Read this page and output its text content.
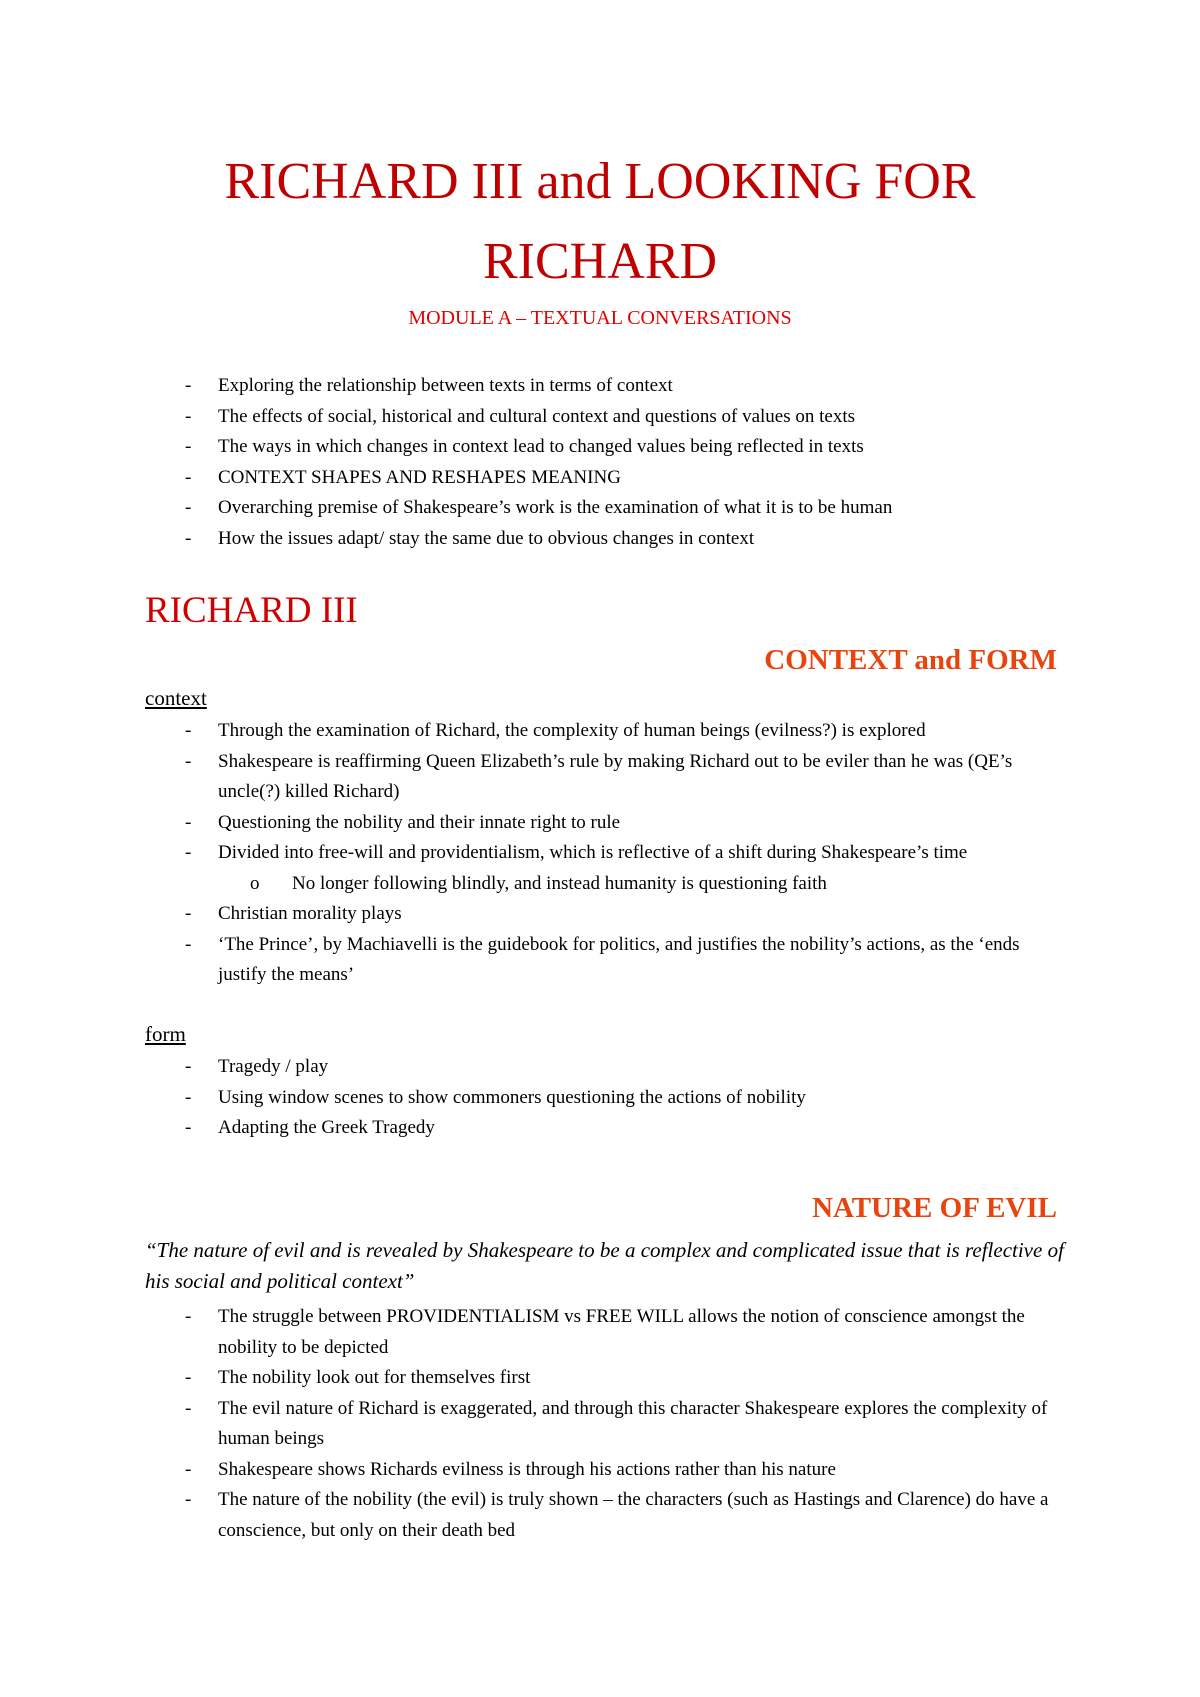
RICHARD III and LOOKING FOR
RICHARD

MODULE A – TEXTUAL CONVERSATIONS

- Exploring the relationship between texts in terms of context
- The effects of social, historical and cultural context and questions of values on texts
- The ways in which changes in context lead to changed values being reflected in texts
- CONTEXT SHAPES AND RESHAPES MEANING
- Overarching premise of Shakespeare’s work is the examination of what it is to be human
- How the issues adapt/ stay the same due to obvious changes in context
RICHARD III
CONTEXT and FORM

context

- Through the examination of Richard, the complexity of human beings (evilness?) is explored
- Shakespeare is reaffirming Queen Elizabeth’s rule by making Richard out to be eviler than he was (QE’s uncle(?) killed Richard)
- Questioning the nobility and their innate right to rule
- Divided into free-will and providentialism, which is reflective of a shift during Shakespeare’s time
o No longer following blindly, and instead humanity is questioning faith
- Christian morality plays
- ‘The Prince’, by Machiavelli is the guidebook for politics, and justifies the nobility’s actions, as the ‘ends justify the means’

form

- Tragedy / play
- Using window scenes to show commoners questioning the actions of nobility
- Adapting the Greek Tragedy
NATURE OF EVIL

“The nature of evil and is revealed by Shakespeare to be a complex and complicated issue that is reflective of his social and political context”

- The struggle between PROVIDENTIALISM vs FREE WILL allows the notion of conscience amongst the nobility to be depicted
- The nobility look out for themselves first
- The evil nature of Richard is exaggerated, and through this character Shakespeare explores the complexity of human beings
- Shakespeare shows Richards evilness is through his actions rather than his nature
- The nature of the nobility (the evil) is truly shown – the characters (such as Hastings and Clarence) do have a conscience, but only on their death bed
